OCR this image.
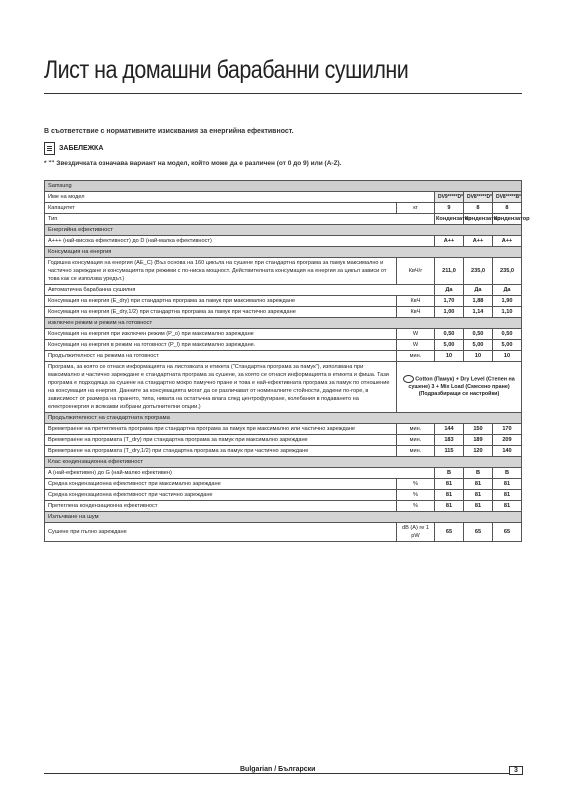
Лист на домашни барабанни сушилни
В съответствие с нормативните изисквания за енергийна ефективност.
ЗАБЕЛЕЖКА
* "" Звездичката означава вариант на модел, който може да е различен (от 0 до 9) или (A-Z).
Samsung				
Име на модел		DV9*****D*	DV8*****D*	DV8*****B*
Капацитет	кг	9	8	8
Тип		Кондензатор	Кондензатор	Кондензатор
Енергийна ефективност				
A+++ (най-висока ефективност) до D (най-малка ефективност)		A++	A++	A++
Консумация на енергия				
Годишна консумация на енергия (AE_C) (Въз основа на 160 цикъла на сушене при стандартна програма за памук максимално и частично зареждане и консумацията при режими с по-ниска мощност. Действителната консумация на енергия за цикъл зависи от това как се използва уредът.)	КвЧ/г	211,0	235,0	235,0
Автоматична барабанна сушилня		Да	Да	Да
Консумация на енергия (E_dry) при стандартна програма за памук при максимално зареждане	КвЧ	1,70	1,88	1,90
Консумация на енергия (E_dry,1/2) при стандартна програма за памук при частично зареждане	КвЧ	1,00	1,14	1,10
изключен режим и режим на готовност				
Консумация на енергия при изключен режим (P_o) при максимално зареждане	W	0,50	0,50	0,50
Консумация на енергия в режим на готовност (P_l) при максимално зареждане.	W	5,00	5,00	5,00
Продължителност на режима на готовност	мин.	10	10	10
Програма, за която се отнася информацията на листовката и етикета ("Стандартна програма за памук"), използвана при максимално и частично зареждане е стандартната програма за сушене, за която се отнася информацията в етикета и фиша. Тази програма е подходяща за сушене на стандартно мокро памучно пране и това е най-ефективната програма за памук по отношение на консумация на енергия. Данните за консумацията могат да се различават от номиналните стойности, дадени по-горе, в зависимост от размера на прането, типа, нивата на остатъчна влага след центрофугиране, колебания в подаването на електроенергия и всякакви избрани допълнителни опции.)	Cotton (Памук) + Dry Level (Степен на сушене) 3 + Mix Load (Смесено пране) (Подразбиращи се настройки)			
Продължителност на стандартната програма				
Времетраене на претеглената програма при стандартна програма за памук при максимално или частично зареждане	мин.	144	150	170
Времетраене на програмата (T_dry) при стандартна програма за памук при максимално зареждане	мин.	183	189	209
Времетраене на програмата (T_dry,1/2) при стандартна програма за памук при частично зареждане	мин.	115	120	140
Клас кондензационна ефективност				
A (най-ефективен) до G (най-малко ефективен)		B	B	B
Средна кондензационна ефективност при максимално зареждане	%	81	81	81
Средна кондензационна ефективност при частично зареждане	%	81	81	81
Претеглена кондензационна ефективност	%	81	81	81
Излъчване на шум				
Сушене при пълно зареждане	dB (A) re 1 pW	65	65	65
Bulgarian / Български	3
